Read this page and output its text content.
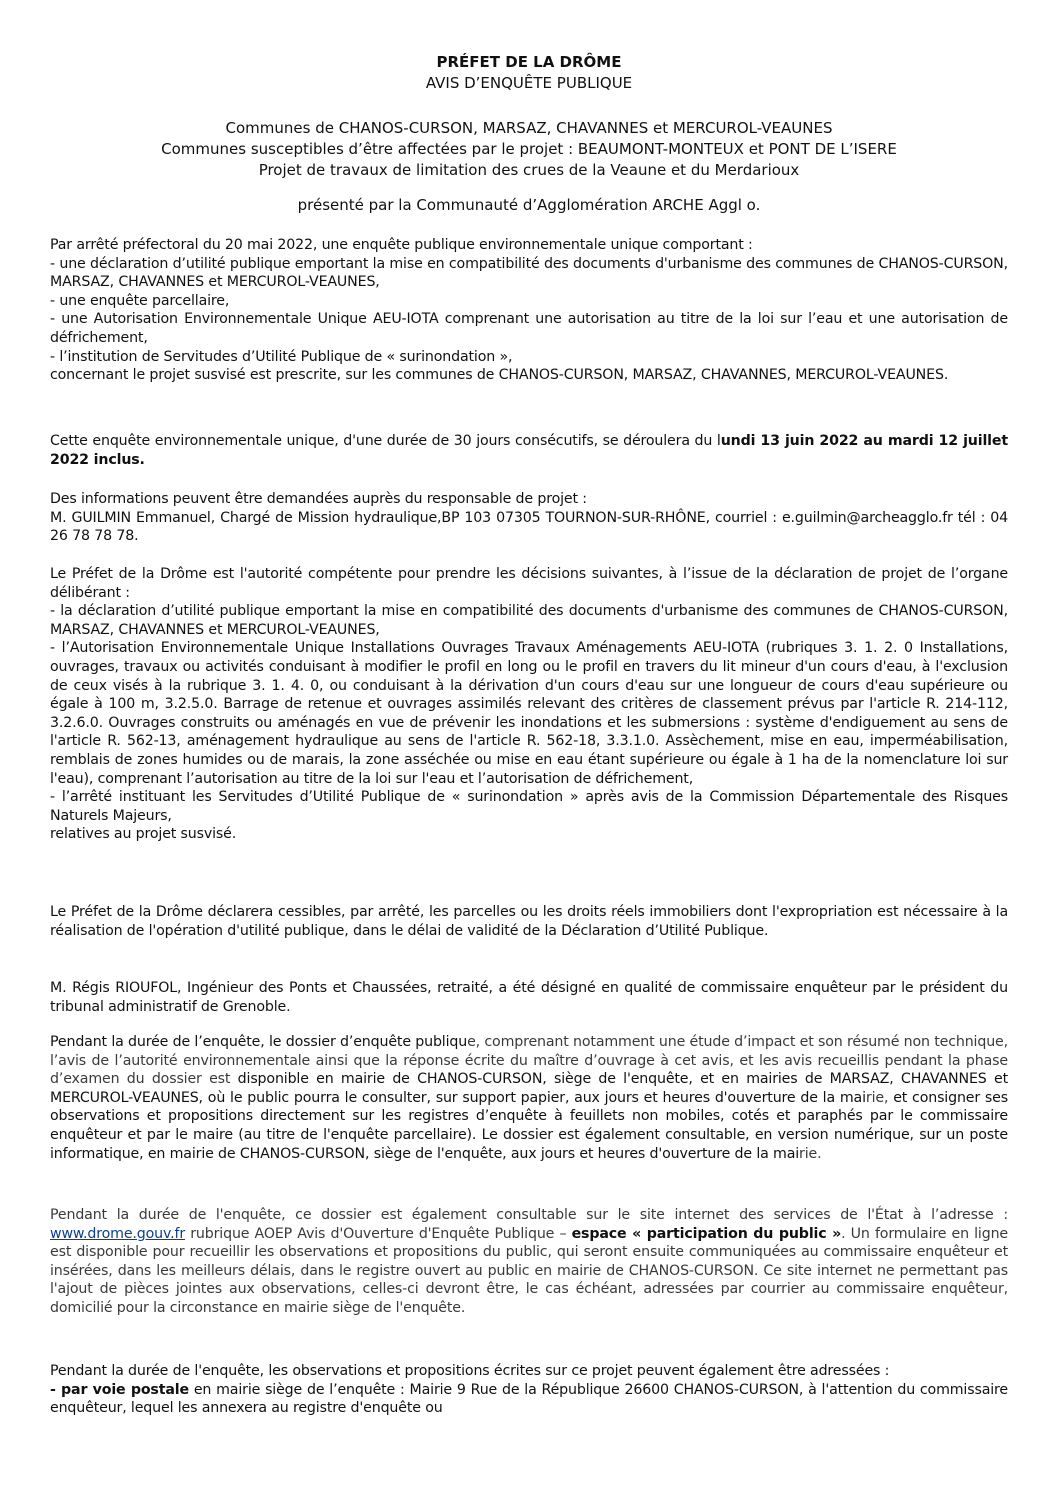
PRÉFET DE LA DRÔME
AVIS D’ENQUÊTE PUBLIQUE
Communes de CHANOS-CURSON, MARSAZ, CHAVANNES et MERCUROL-VEAUNES
Communes susceptibles d’être affectées par le projet : BEAUMONT-MONTEUX et PONT DE L’ISERE
Projet de travaux de limitation des crues de la Veaune et du Merdarioux
présenté par la Communauté d’Agglomération ARCHE Aggl o.

Par arrêté préfectoral du 20 mai 2022, une enquête publique environnementale unique comportant :

- une déclaration d’utilité publique emportant la mise en compatibilité des documents d'urbanisme des communes de CHANOS-CURSON, MARSAZ, CHAVANNES et MERCUROL-VEAUNES,

- une enquête parcellaire,

- une Autorisation Environnementale Unique AEU-IOTA comprenant une autorisation au titre de la loi sur l’eau et une autorisation de défrichement,

- l’institution de Servitudes d’Utilité Publique de « surinondation »,

concernant le projet susvisé est prescrite, sur les communes de CHANOS-CURSON, MARSAZ, CHAVANNES, MERCUROL-VEAUNES.

Cette enquête environnementale unique, d'une durée de 30 jours consécutifs, se déroulera du lundi 13 juin 2022 au mardi 12 juillet 2022 inclus.

Des informations peuvent être demandées auprès du responsable de projet :

M. GUILMIN Emmanuel, Chargé de Mission hydraulique,BP 103 07305 TOURNON-SUR-RHÔNE, courriel : e.guilmin@archeagglo.fr tél : 04 26 78 78 78.

Le Préfet de la Drôme est l'autorité compétente pour prendre les décisions suivantes, à l’issue de la déclaration de projet de l’organe délibérant :

- la déclaration d’utilité publique emportant la mise en compatibilité des documents d'urbanisme des communes de CHANOS-CURSON, MARSAZ, CHAVANNES et MERCUROL-VEAUNES,

- l’Autorisation Environnementale Unique Installations Ouvrages Travaux Aménagements AEU-IOTA (rubriques 3. 1. 2. 0 Installations, ouvrages, travaux ou activités conduisant à modifier le profil en long ou le profil en travers du lit mineur d'un cours d'eau, à l'exclusion de ceux visés à la rubrique 3. 1. 4. 0, ou conduisant à la dérivation d'un cours d'eau sur une longueur de cours d'eau supérieure ou égale à 100 m, 3.2.5.0. Barrage de retenue et ouvrages assimilés relevant des critères de classement prévus par l'article R. 214-112, 3.2.6.0. Ouvrages construits ou aménagés en vue de prévenir les inondations et les submersions : système d'endiguement au sens de l'article R. 562-13, aménagement hydraulique au sens de l'article R. 562-18, 3.3.1.0. Assèchement, mise en eau, imperméabilisation, remblais de zones humides ou de marais, la zone asséchée ou mise en eau étant supérieure ou égale à 1 ha de la nomenclature loi sur l'eau), comprenant l’autorisation au titre de la loi sur l'eau et l’autorisation de défrichement,

- l’arrêté instituant les Servitudes d’Utilité Publique de « surinondation » après avis de la Commission Départementale des Risques Naturels Majeurs,

relatives au projet susvisé.

Le Préfet de la Drôme déclarera cessibles, par arrêté, les parcelles ou les droits réels immobiliers dont l'expropriation est nécessaire à la réalisation de l'opération d'utilité publique, dans le délai de validité de la Déclaration d’Utilité Publique.

M. Régis RIOUFOL, Ingénieur des Ponts et Chaussées, retraité, a été désigné en qualité de commissaire enquêteur par le président du tribunal administratif de Grenoble.

Pendant la durée de l’enquête, le dossier d’enquête publique, comprenant notamment une étude d’impact et son résumé non technique, l’avis de l’autorité environnementale ainsi que la réponse écrite du maître d’ouvrage à cet avis, et les avis recueillis pendant la phase d’examen du dossier est disponible en mairie de CHANOS-CURSON, siège de l'enquête, et en mairies de MARSAZ, CHAVANNES et MERCUROL-VEAUNES, où le public pourra le consulter, sur support papier, aux jours et heures d'ouverture de la mairie, et consigner ses observations et propositions directement sur les registres d’enquête à feuillets non mobiles, cotés et paraphés par le commissaire enquêteur et par le maire (au titre de l'enquête parcellaire). Le dossier est également consultable, en version numérique, sur un poste informatique, en mairie de CHANOS-CURSON, siège de l'enquête, aux jours et heures d'ouverture de la mairie.

Pendant la durée de l'enquête, ce dossier est également consultable sur le site internet des services de l'État à l’adresse : www.drome.gouv.fr rubrique AOEP Avis d'Ouverture d'Enquête Publique – espace « participation du public ». Un formulaire en ligne est disponible pour recueillir les observations et propositions du public, qui seront ensuite communiquées au commissaire enquêteur et insérées, dans les meilleurs délais, dans le registre ouvert au public en mairie de CHANOS-CURSON. Ce site internet ne permettant pas l'ajout de pièces jointes aux observations, celles-ci devront être, le cas échéant, adressées par courrier au commissaire enquêteur, domicilié pour la circonstance en mairie siège de l'enquête.

Pendant la durée de l'enquête, les observations et propositions écrites sur ce projet peuvent également être adressées :

- par voie postale en mairie siège de l’enquête : Mairie 9 Rue de la République 26600 CHANOS-CURSON, à l'attention du commissaire enquêteur, lequel les annexera au registre d'enquête ou
